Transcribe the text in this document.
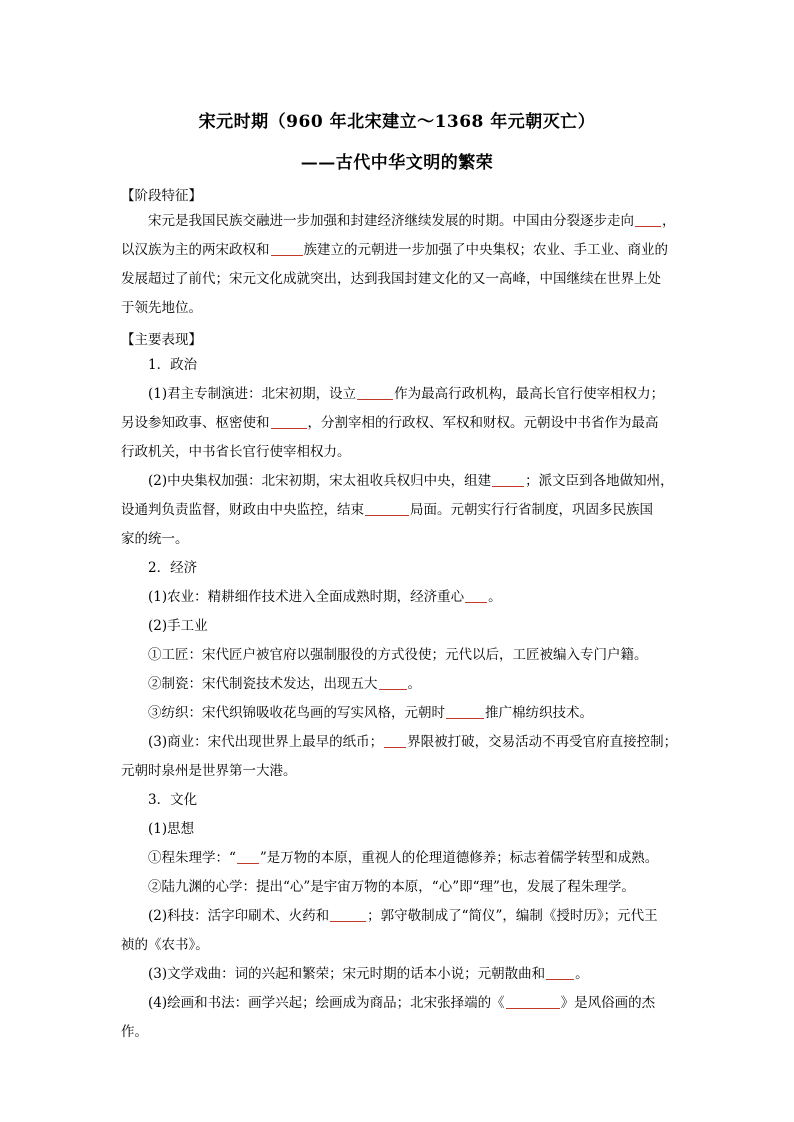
宋元时期（960 年北宋建立～1368 年元朝灭亡）
——古代中华文明的繁荣
【阶段特征】
宋元是我国民族交融进一步加强和封建经济继续发展的时期。中国由分裂逐步走向 ，
以汉族为主的两宋政权和	族建立的元朝进一步加强了中央集权；农业、手工业、商业的
发展超过了前代；宋元文化成就突出，达到我国封建文化的又一高峰，中国继续在世界上处
于领先地位。
【主要表现】
1．政治
(1)君主专制演进：北宋初期，设立	作为最高行政机构，最高长官行使宰相权力；
另设参知政事、枢密使和	，分割宰相的行政权、军权和财权。元朝设中书省作为最高
行政机关，中书省长官行使宰相权力。
(2)中央集权加强：北宋初期，宋太祖收兵权归中央，组建	；派文臣到各地做知州，
设通判负责监督，财政由中央监控，结束	局面。元朝实行行省制度，巩固多民族国
家的统一。
2．经济
(1)农业：精耕细作技术进入全面成熟时期，经济重心 。
(2)手工业
①工匠：宋代匠户被官府以强制服役的方式役使；元代以后，工匠被编入专门户籍。
②制瓷：宋代制瓷技术发达，出现五大 。
③纺织：宋代织锦吸收花鸟画的写实风格，元朝时	推广棉纺织技术。
(3)商业：宋代出现世界上最早的纸币； 界限被打破，交易活动不再受官府直接控制；
元朝时泉州是世界第一大港。
3．文化
(1)思想
①程朱理学：“ ”是万物的本原，重视人的伦理道德修养；标志着儒学转型和成熟。
②陆九渊的心学：提出“心”是宇宙万物的本原，“心”即“理”也，发展了程朱理学。
(2)科技：活字印刷术、火药和	；郭守敬制成了“简仪”，编制《授时历》；元代王
祯的《农书》。
(3)文学戏曲：词的兴起和繁荣；宋元时期的话本小说；元朝散曲和 。
(4)绘画和书法：画学兴起；绘画成为商品；北宋张择端的《	》是风俗画的杰
作。
